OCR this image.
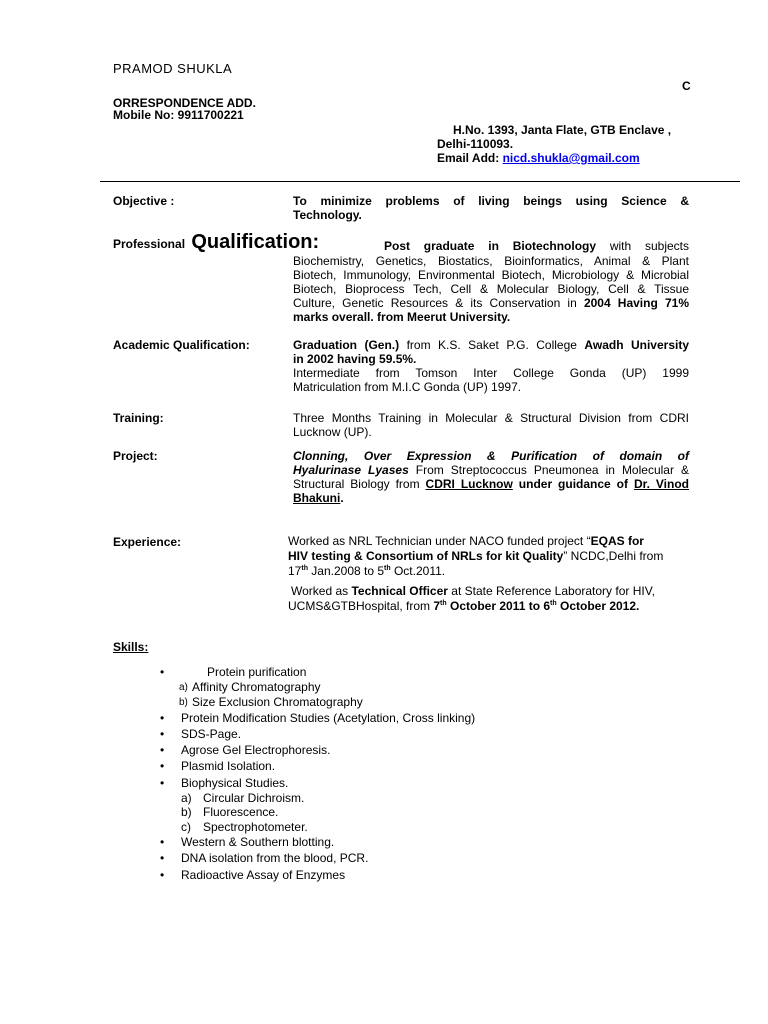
PRAMOD SHUKLA
C
ORRESPONDENCE ADD.
Mobile No: 9911700221
H.No. 1393, Janta Flate, GTB Enclave ,
Delhi-110093.
Email Add: nicd.shukla@gmail.com
Objective :	To minimize problems of living beings using Science &
Technology.
Professional Qualification:	Post graduate in Biotechnology with subjects
Biochemistry, Genetics, Biostatics, Bioinformatics, Animal & Plant
Biotech, Immunology, Environmental Biotech, Microbiology & Microbial
Biotech, Bioprocess Tech, Cell & Molecular Biology, Cell & Tissue
Culture, Genetic Resources & its Conservation in 2004 Having 71%
marks overall. from Meerut University.
Academic Qualification:	Graduation (Gen.) from K.S. Saket P.G. College Awadh University
in 2002 having 59.5%.
Intermediate from Tomson Inter College Gonda (UP) 1999
Matriculation from M.I.C Gonda (UP) 1997.
Training:	Three Months Training in Molecular & Structural Division from CDRI
Lucknow (UP).
Project:	Clonning, Over Expression & Purification of domain of
Hyalurinase Lyases From Streptococcus Pneumonea in Molecular &
Structural Biology from CDRI Lucknow under guidance of Dr. Vinod
Bhakuni.
Experience:	Worked as NRL Technician under NACO funded project “EQAS for
HIV testing & Consortium of NRLs for kit Quality” NCDC,Delhi from
17th Jan.2008 to 5th Oct.2011.
Worked as Technical Officer at State Reference Laboratory for HIV,
UCMS&GTBHospital, from 7th October 2011 to 6th October 2012.
Skills:
•	Protein purification
a) Affinity Chromatography
b) Size Exclusion Chromatography
• Protein Modification Studies (Acetylation, Cross linking)
• SDS-Page.
• Agrose Gel Electrophoresis.
• Plasmid Isolation.
• Biophysical Studies.
a) Circular Dichroism.
b) Fluorescence.
c) Spectrophotometer.
• Western & Southern blotting.
• DNA isolation from the blood, PCR.
• Radioactive Assay of Enzymes
